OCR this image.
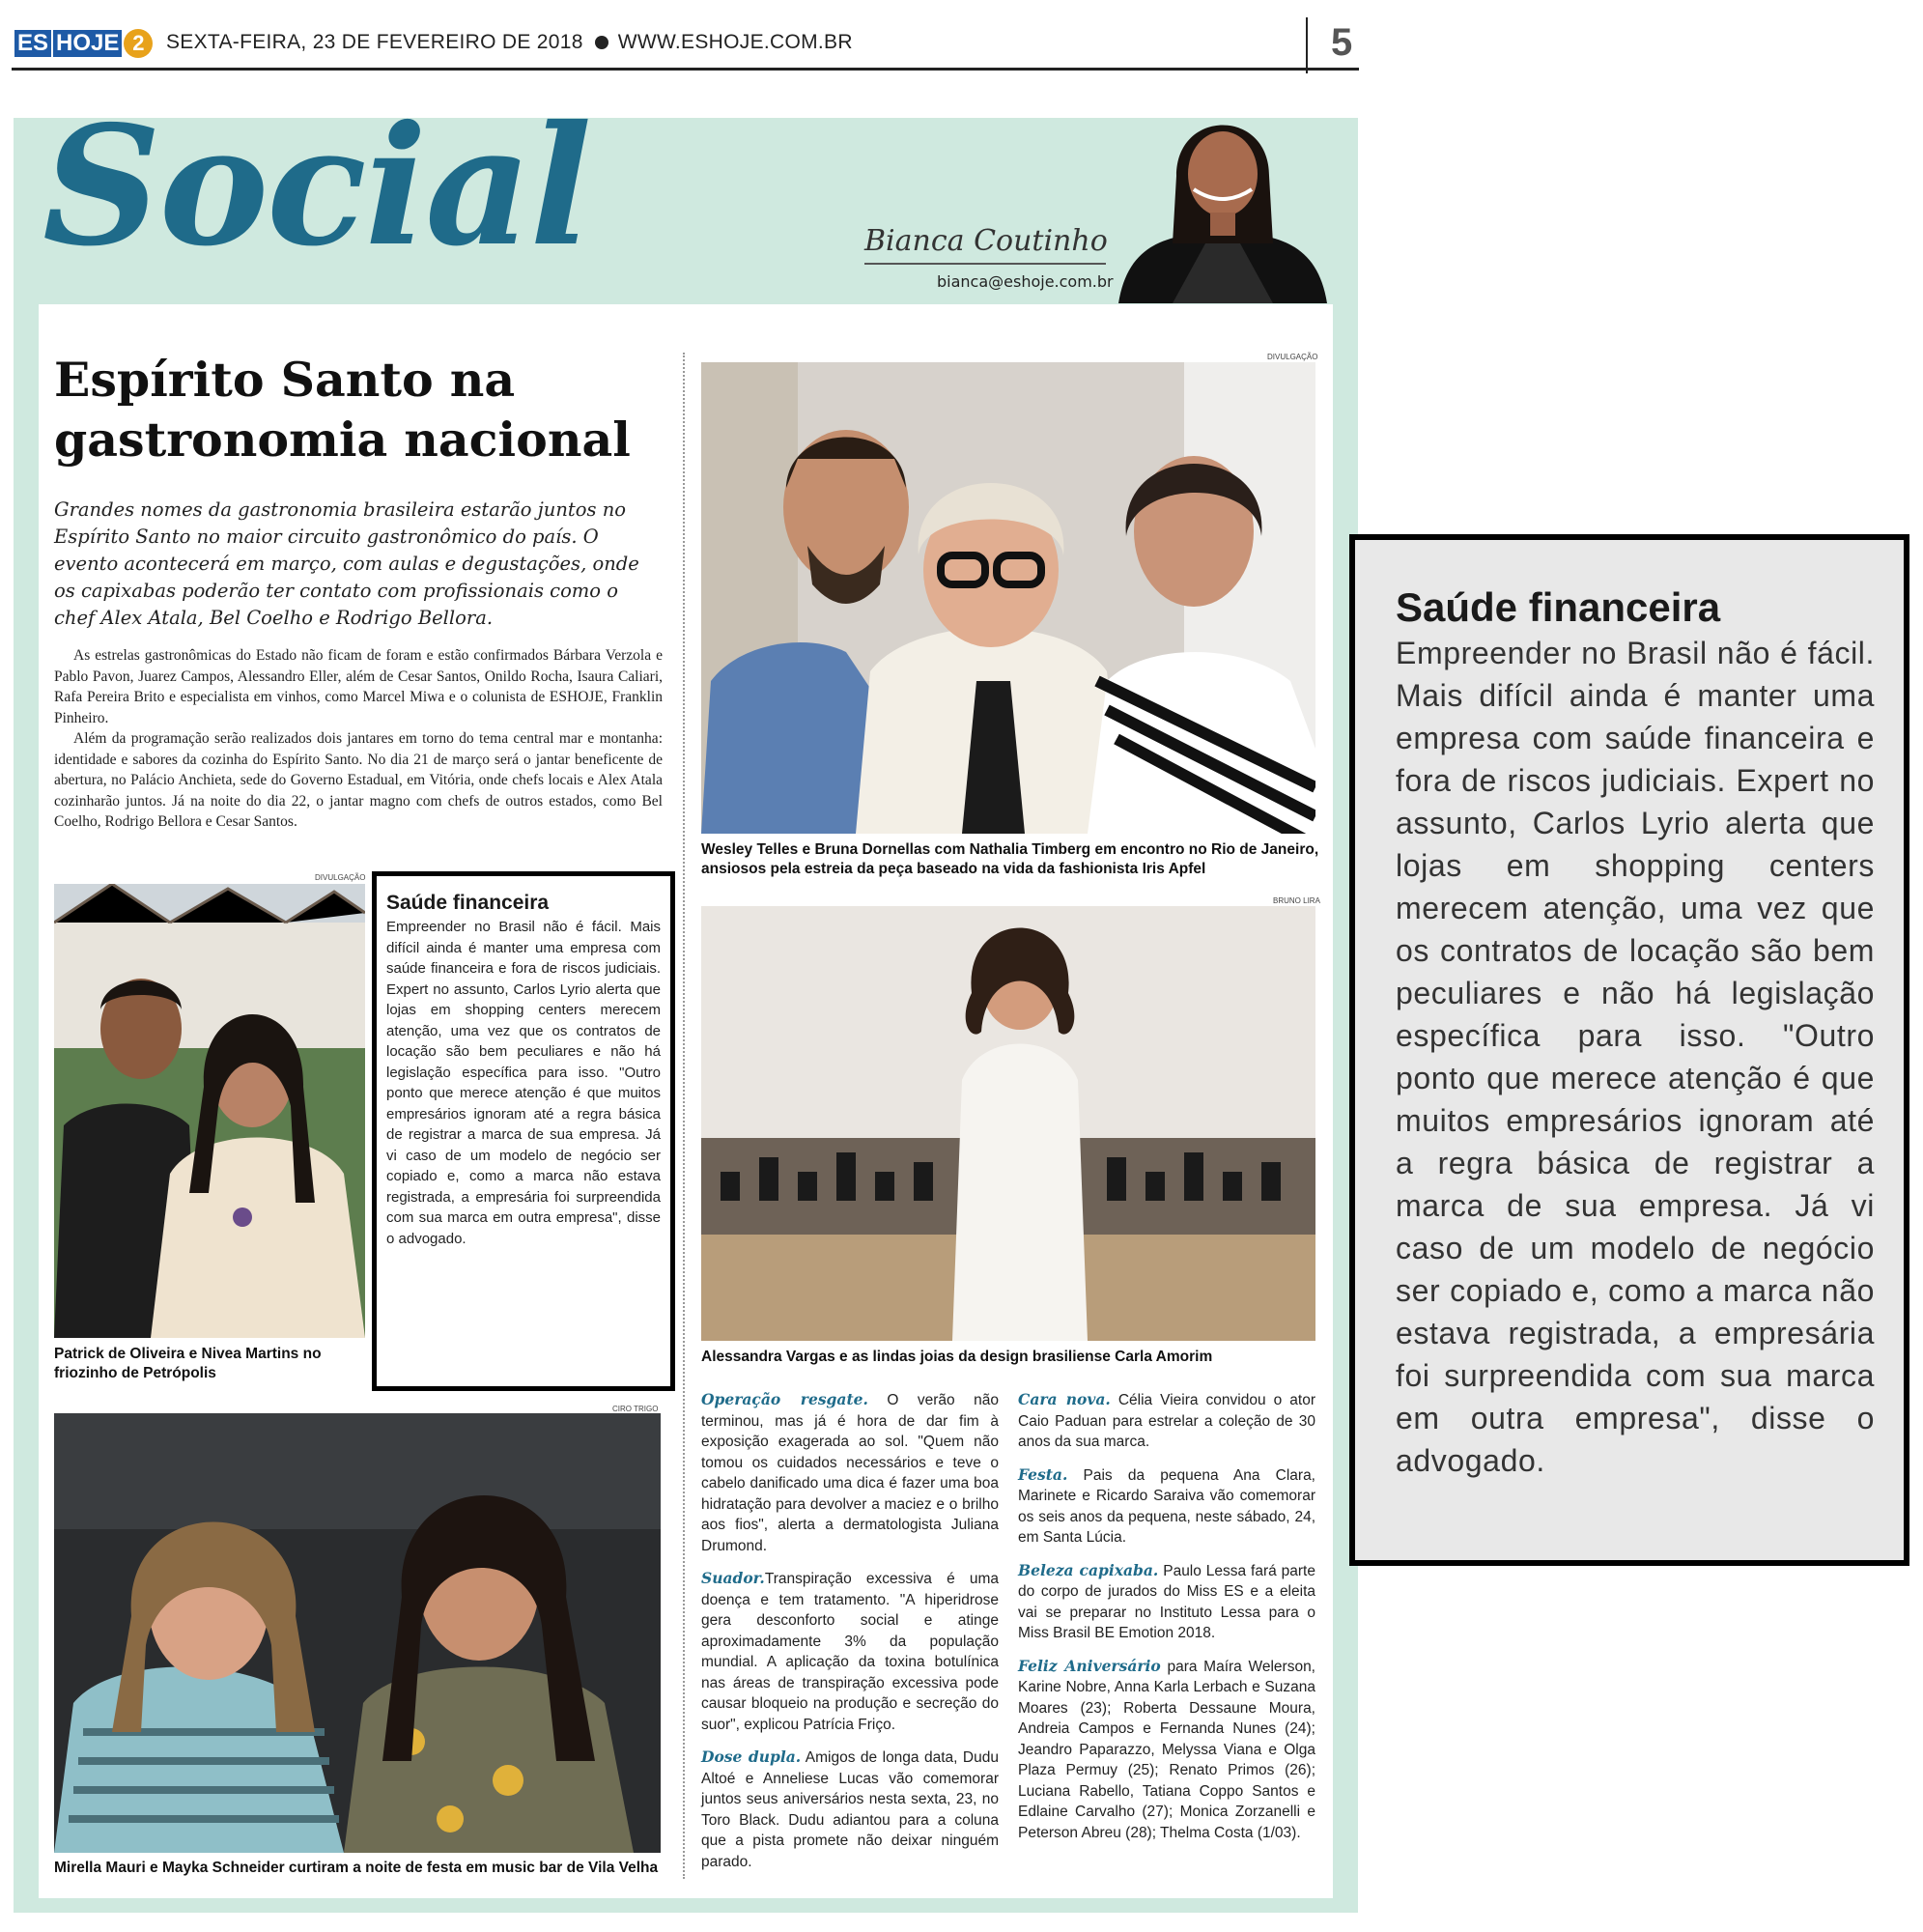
ES HOJE 2	SEXTA-FEIRA, 23 DE FEVEREIRO DE 2018 WWW.ESHOJE.COM.BR	5
Social	Bianca Coutinho
bianca@eshoje.com.br
Espírito Santo na
gastronomia nacional
Grandes nomes da gastronomia brasileira estarão juntos no Espírito Santo no maior circuito gastronômico do país. O evento acontecerá em março, com aulas e degustações, onde os capixabas poderão ter contato com profissionais como o chef Alex Atala, Bel Coelho e Rodrigo Bellora.

As estrelas gastronômicas do Estado não ficam de foram e estão confirmados Bárbara Verzola e Pablo Pavon, Juarez Campos, Alessandro Eller, além de Cesar Santos, Onildo Rocha, Isaura Caliari, Rafa Pereira Brito e especialista em vinhos, como Marcel Miwa e o colunista de ESHOJE, Franklin Pinheiro.

Além da programação serão realizados dois jantares em torno do tema central mar e montanha: identidade e sabores da cozinha do Espírito Santo. No dia 21 de março será o jantar beneficente de abertura, no Palácio Anchieta, sede do Governo Estadual, em Vitória, onde chefs locais e Alex Atala cozinharão juntos. Já na noite do dia 22, o jantar magno com chefs de outros estados, como Bel Coelho, Rodrigo Bellora e Cesar Santos.

DIVULGAÇÃO
Wesley Telles e Bruna Dornellas com Nathalia Timberg em encontro no Rio de Janeiro, ansiosos pela estreia da peça baseado na vida da fashionista Iris Apfel
BRUNO LIRA
Alessandra Vargas e as lindas joias da design brasiliense Carla Amorim
DIVULGAÇÃO
Patrick de Oliveira e Nivea Martins no friozinho de Petrópolis
Saúde financeira
Empreender no Brasil não é fácil. Mais difícil ainda é manter uma empresa com saúde financeira e fora de riscos judiciais. Expert no assunto, Carlos Lyrio alerta que lojas em shopping centers merecem atenção, uma vez que os contratos de locação são bem peculiares e não há legislação específica para isso. "Outro ponto que merece atenção é que muitos empresários ignoram até a regra básica de registrar a marca de sua empresa. Já vi caso de um modelo de negócio ser copiado e, como a marca não estava registrada, a empresária foi surpreendida com sua marca em outra empresa", disse o advogado.
CIRO TRIGO
Mirella Mauri e Mayka Schneider curtiram a noite de festa em music bar de Vila Velha

Operação resgate. O verão não terminou, mas já é hora de dar fim à exposição exagerada ao sol. "Quem não tomou os cuidados necessários e teve o cabelo danificado uma dica é fazer uma boa hidratação para devolver a maciez e o brilho aos fios", alerta a dermatologista Juliana Drumond.

Suador.Transpiração excessiva é uma doença e tem tratamento. "A hiperidrose gera desconforto social e atinge aproximadamente 3% da população mundial. A aplicação da toxina botulínica nas áreas de transpiração excessiva pode causar bloqueio na produção e secreção do suor", explicou Patrícia Friço.

Dose dupla. Amigos de longa data, Dudu Altoé e Anneliese Lucas vão comemorar juntos seus aniversários nesta sexta, 23, no Toro Black. Dudu adiantou para a coluna que a pista promete não deixar ninguém parado.

Cara nova. Célia Vieira convidou o ator Caio Paduan para estrelar a coleção de 30 anos da sua marca.

Festa. Pais da pequena Ana Clara, Marinete e Ricardo Saraiva vão comemorar os seis anos da pequena, neste sábado, 24, em Santa Lúcia.

Beleza capixaba. Paulo Lessa fará parte do corpo de jurados do Miss ES e a eleita vai se preparar no Instituto Lessa para o Miss Brasil BE Emotion 2018.

Feliz Aniversário para Maíra Welerson, Karine Nobre, Anna Karla Lerbach e Suzana Moares (23); Roberta Dessaune Moura, Andreia Campos e Fernanda Nunes (24); Jeandro Paparazzo, Melyssa Viana e Olga Plaza Permuy (25); Renato Primos (26); Luciana Rabello, Tatiana Coppo Santos e Edlaine Carvalho (27); Monica Zorzanelli e Peterson Abreu (28); Thelma Costa (1/03).

Saúde financeira
Empreender no Brasil não é fácil. Mais difícil ainda é manter uma empresa com saúde financeira e fora de riscos judiciais. Expert no assunto, Carlos Lyrio alerta que lojas em shopping centers merecem atenção, uma vez que os contratos de locação são bem peculiares e não há legislação específica para isso. "Outro ponto que merece atenção é que muitos empresários ignoram até a regra básica de registrar a marca de sua empresa. Já vi caso de um modelo de negócio ser copiado e, como a marca não estava registrada, a empresária foi surpreendida com sua marca em outra empresa", disse o advogado.
